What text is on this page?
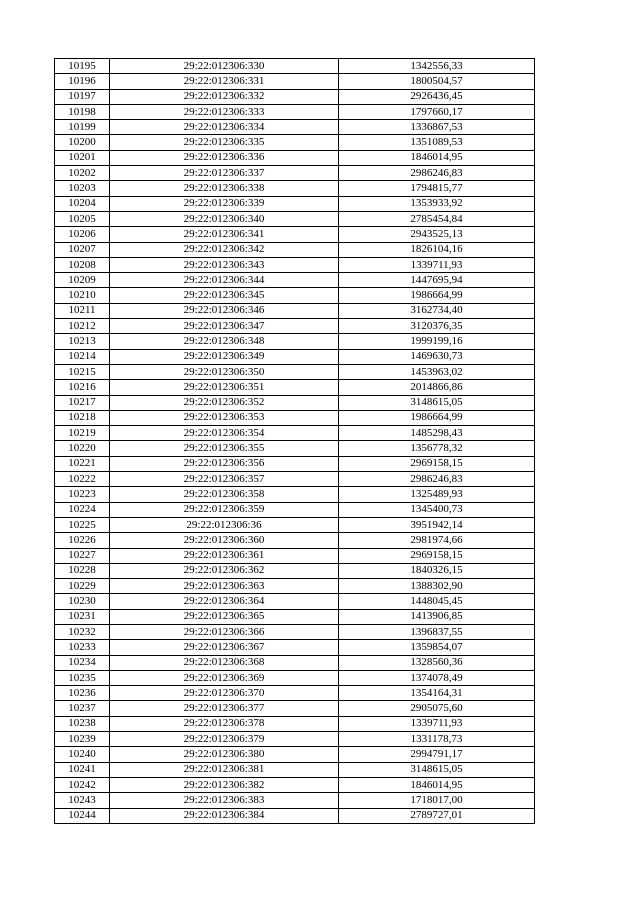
10195	29:22:012306:330	1342556,33
10196	29:22:012306:331	1800504,57
10197	29:22:012306:332	2926436,45
10198	29:22:012306:333	1797660,17
10199	29:22:012306:334	1336867,53
10200	29:22:012306:335	1351089,53
10201	29:22:012306:336	1846014,95
10202	29:22:012306:337	2986246,83
10203	29:22:012306:338	1794815,77
10204	29:22:012306:339	1353933,92
10205	29:22:012306:340	2785454,84
10206	29:22:012306:341	2943525,13
10207	29:22:012306:342	1826104,16
10208	29:22:012306:343	1339711,93
10209	29:22:012306:344	1447695,94
10210	29:22:012306:345	1986664,99
10211	29:22:012306:346	3162734,40
10212	29:22:012306:347	3120376,35
10213	29:22:012306:348	1999199,16
10214	29:22:012306:349	1469630,73
10215	29:22:012306:350	1453963,02
10216	29:22:012306:351	2014866,86
10217	29:22:012306:352	3148615,05
10218	29:22:012306:353	1986664,99
10219	29:22:012306:354	1485298,43
10220	29:22:012306:355	1356778,32
10221	29:22:012306:356	2969158,15
10222	29:22:012306:357	2986246,83
10223	29:22:012306:358	1325489,93
10224	29:22:012306:359	1345400,73
10225	29:22:012306:36	3951942,14
10226	29:22:012306:360	2981974,66
10227	29:22:012306:361	2969158,15
10228	29:22:012306:362	1840326,15
10229	29:22:012306:363	1388302,90
10230	29:22:012306:364	1448045,45
10231	29:22:012306:365	1413906,85
10232	29:22:012306:366	1396837,55
10233	29:22:012306:367	1359854,07
10234	29:22:012306:368	1328560,36
10235	29:22:012306:369	1374078,49
10236	29:22:012306:370	1354164,31
10237	29:22:012306:377	2905075,60
10238	29:22:012306:378	1339711,93
10239	29:22:012306:379	1331178,73
10240	29:22:012306:380	2994791,17
10241	29:22:012306:381	3148615,05
10242	29:22:012306:382	1846014,95
10243	29:22:012306:383	1718017,00
10244	29:22:012306:384	2789727,01
